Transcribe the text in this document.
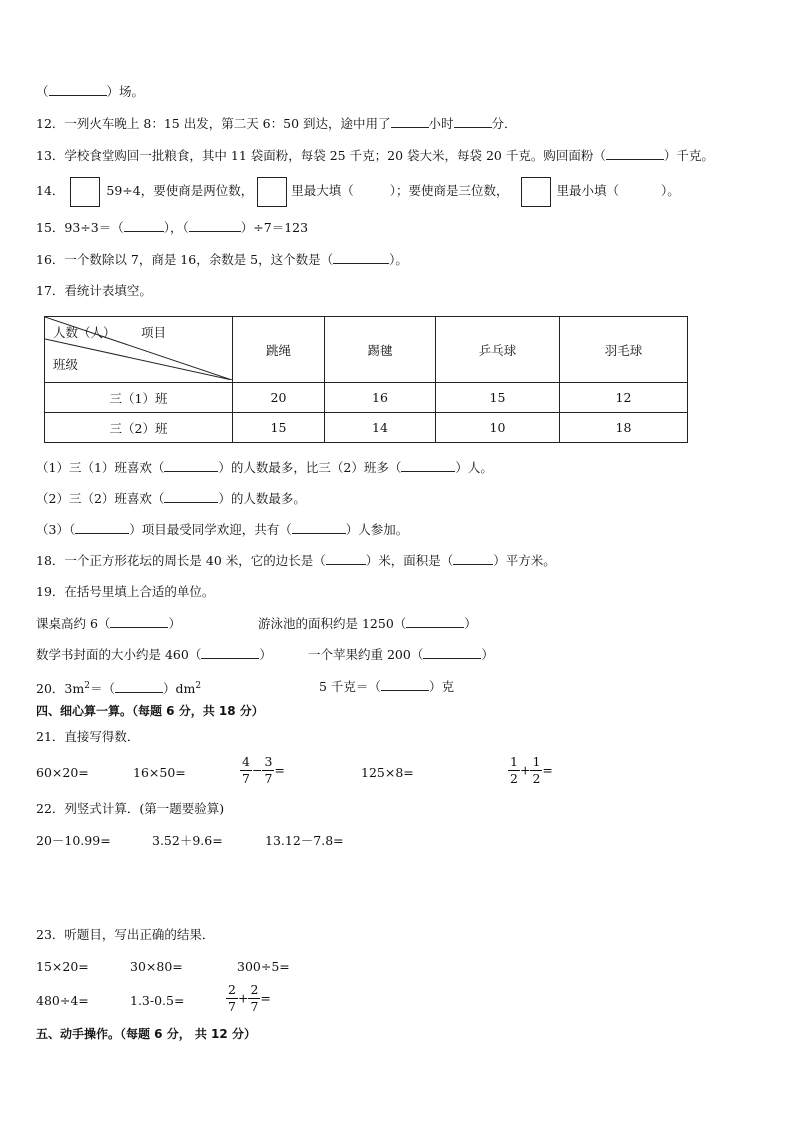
（	）场。
12．一列火车晚上 8：15 出发，第二天 6：50 到达，途中用了	小时	分．
13．学校食堂购回一批粮食，其中 11 袋面粉，每袋 25 千克；20 袋大米，每袋 20 千克。购回面粉（	）千克。
14．	59÷4，要使商是两位数，	里最大填（	）；要使商是三位数，	里最小填（	）。
15．93÷3＝（	），（	）÷7＝123
16．一个数除以 7，商是 16，余数是 5，这个数是（	）。
17．看统计表填空。
人数（人） 项目
班级	跳绳	踢毽	乒乓球	羽毛球
三（1）班	20	16	15	12
三（2）班	15	14	10	18
（1）三（1）班喜欢（	）的人数最多，比三（2）班多（	）人。
（2）三（2）班喜欢（	）的人数最多。
（3）（	）项目最受同学欢迎，共有（	）人参加。
18．一个正方形花坛的周长是 40 米，它的边长是（	）米，面积是（	）平方米。
19．在括号里填上合适的单位。
课桌高约 6（	）	游泳池的面积约是 1250（	）
数学书封面的大小约是 460（	）	一个苹果约重 200（	）
20．$3m^2=$（	）$dm^2$	5 千克＝（	）克
四、细心算一算。（每题 6 分，共 18 分）
21．直接写得数．
60×20=	16×50=	$\frac{4}{7} - \frac{3}{7}$ =	125×8=	$\frac{1}{2} + \frac{1}{2}$ =
22．列竖式计算．(第一题要验算)
20－10.99=	3.52＋9.6=	13.12－7.8=
23．听题目，写出正确的结果．
15×20=	30×80=	300÷5=
480÷4=	1.3-0.5=	$\frac{2}{7} + \frac{2}{7}$ =
五、动手操作。（每题 6 分， 共 12 分）
